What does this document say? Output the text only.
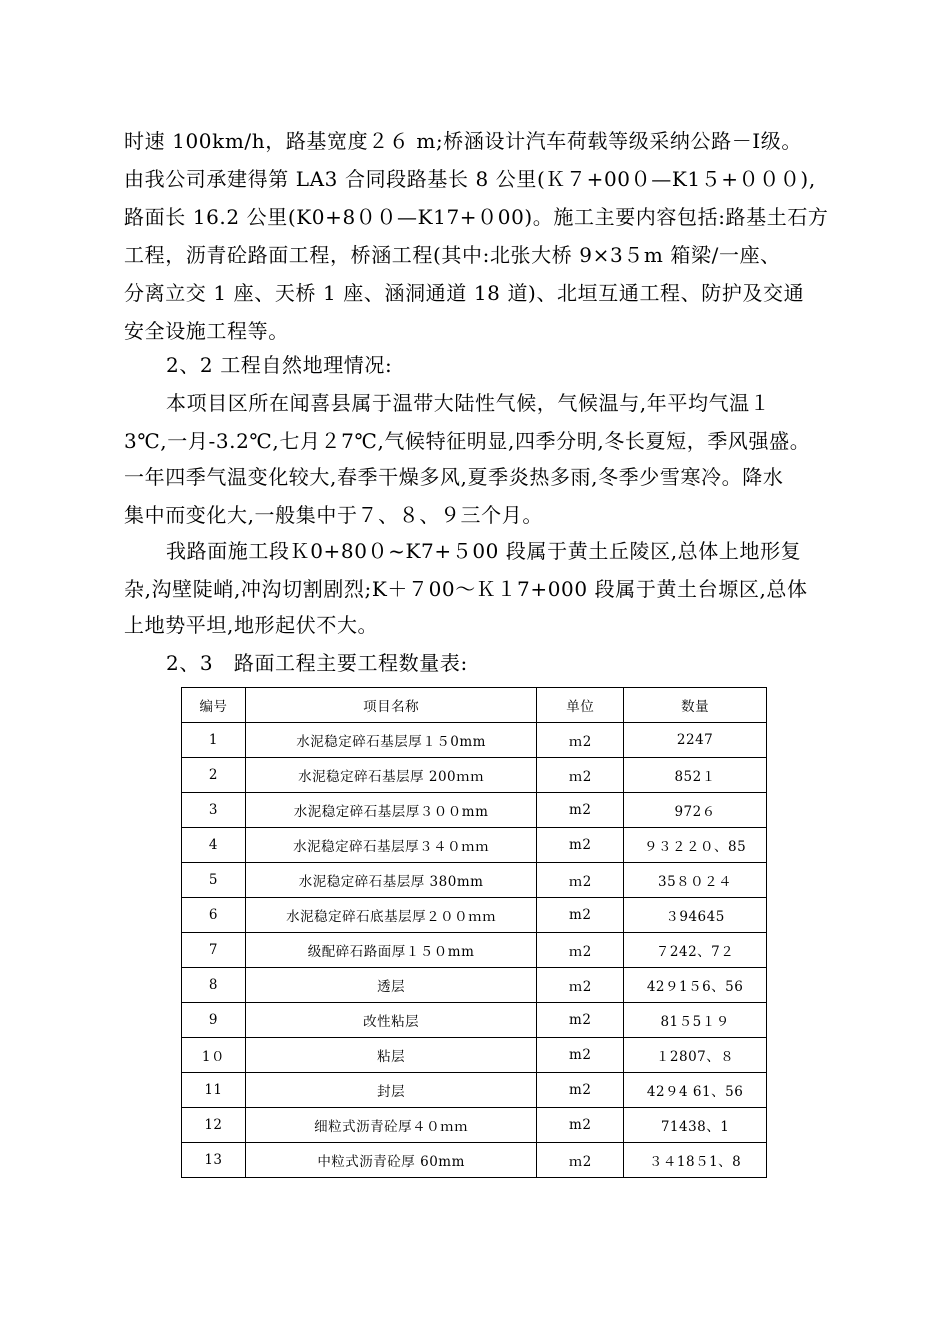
时速 100km/h，路基宽度２６ m;桥涵设计汽车荷载等级采纳公路－Ⅰ级。
由我公司承建得第 LA3 合同段路基长 8 公里(Ｋ７+00０—K1５+０００),
路面长 16.2 公里(K0+8００—K17+０00)。施工主要内容包括:路基土石方
工程，沥青砼路面工程，桥涵工程(其中:北张大桥 9×3５m 箱梁/一座、
分离立交 1 座、天桥 1 座、涵洞通道 18 道)、北垣互通工程、防护及交通
安全设施工程等。
2、2 工程自然地理情况:
本项目区所在闻喜县属于温带大陆性气候，气候温与,年平均气温１
3℃,一月-3.2℃,七月２7℃,气候特征明显,四季分明,冬长夏短，季风强盛。
一年四季气温变化较大,春季干燥多风,夏季炎热多雨,冬季少雪寒冷。降水
集中而变化大,一般集中于７、８、９三个月。
我路面施工段Ｋ0+80０~K7+５00 段属于黄土丘陵区,总体上地形复
杂,沟壁陡峭,冲沟切割剧烈;K＋７00～Ｋ１7+000 段属于黄土台塬区,总体
上地势平坦,地形起伏不大。
2、3　路面工程主要工程数量表:
编号	项目名称	单位	数量
1	水泥稳定碎石基层厚１５0mm	ｍ2	2247
2	水泥稳定碎石基层厚 200ｍｍ	ｍ2	852１
3	水泥稳定碎石基层厚３００mm	m2	972６
4	水泥稳定碎石基层厚３４０ｍｍ	m2	９３２２０、85
5	水泥稳定碎石基层厚 380mm	ｍ2	35８０２４
6	水泥稳定碎石底基层厚２００ｍｍ	m2	３94645
7	级配碎石路面厚１５０mm	ｍ2	７242、7２
8	透层	ｍ2	42９1５6、56
9	改性粘层	m2	81５5１９
1０	粘层	m2	１2807、８
11	封层	m2	42９4 61、56
12	细粒式沥青砼厚４０ｍｍ	m2	71438、1
13	中粒式沥青砼厚 60mm	ｍ2	３４18５1、8
